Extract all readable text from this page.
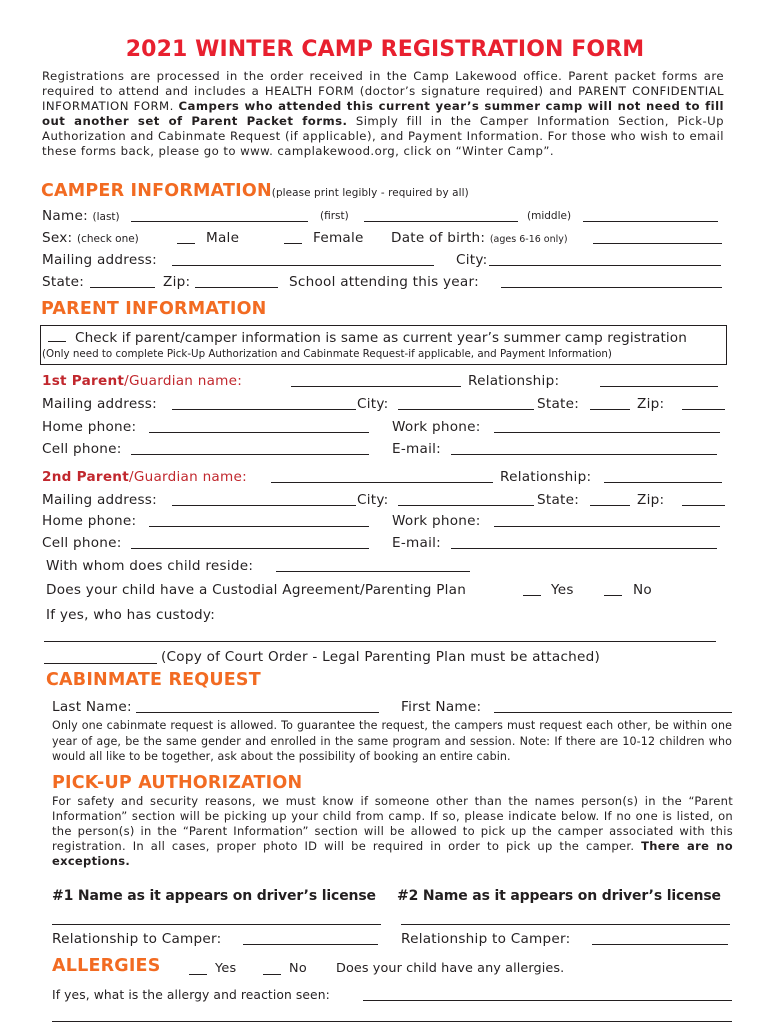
2021 WINTER CAMP REGISTRATION FORM
Registrations are processed in the order received in the Camp Lakewood office. Parent packet forms are required to attend and includes a HEALTH FORM (doctor’s signature required) and PARENT CONFIDENTIAL INFORMATION FORM. Campers who attended this current year’s summer camp will not need to fill out another set of Parent Packet forms. Simply fill in the Camper Information Section, Pick-Up Authorization and Cabinmate Request (if applicable), and Payment Information. For those who wish to email these forms back, please go to www. camplakewood.org, click on “Winter Camp”.
CAMPER INFORMATION(please print legibly - required by all)
Name: (last)	(first)	(middle)
Sex: (check one)	Male	Female Date of birth: (ages 6-16 only)
Mailing address:	City:
State:	Zip:	School attending this year:
PARENT INFORMATION
Check if parent/camper information is same as current year’s summer camp registration
(Only need to complete Pick-Up Authorization and Cabinmate Request-if applicable, and Payment Information)
1st Parent/Guardian name:	Relationship:
Mailing address:	City:	State:	Zip:
Home phone:	Work phone:
Cell phone:	E-mail:
2nd Parent/Guardian name:	Relationship:
Mailing address:	City:	State:	Zip:
Home phone:	Work phone:
Cell phone:	E-mail:
With whom does child reside:
Does your child have a Custodial Agreement/Parenting Plan	Yes	No
If yes, who has custody:
(Copy of Court Order - Legal Parenting Plan must be attached)
CABINMATE REQUEST
Last Name:	First Name:
Only one cabinmate request is allowed. To guarantee the request, the campers must request each other, be within one year of age, be the same gender and enrolled in the same program and session. Note: If there are 10-12 children who would all like to be together, ask about the possibility of booking an entire cabin.
PICK-UP AUTHORIZATION
For safety and security reasons, we must know if someone other than the names person(s) in the “Parent Information” section will be picking up your child from camp. If so, please indicate below. If no one is listed, on the person(s) in the “Parent Information” section will be allowed to pick up the camper associated with this registration. In all cases, proper photo ID will be required in order to pick up the camper. There are no exceptions.
#1 Name as it appears on driver’s license #2 Name as it appears on driver’s license
Relationship to Camper:	Relationship to Camper:
ALLERGIES	Yes	No Does your child have any allergies.
If yes, what is the allergy and reaction seen:
